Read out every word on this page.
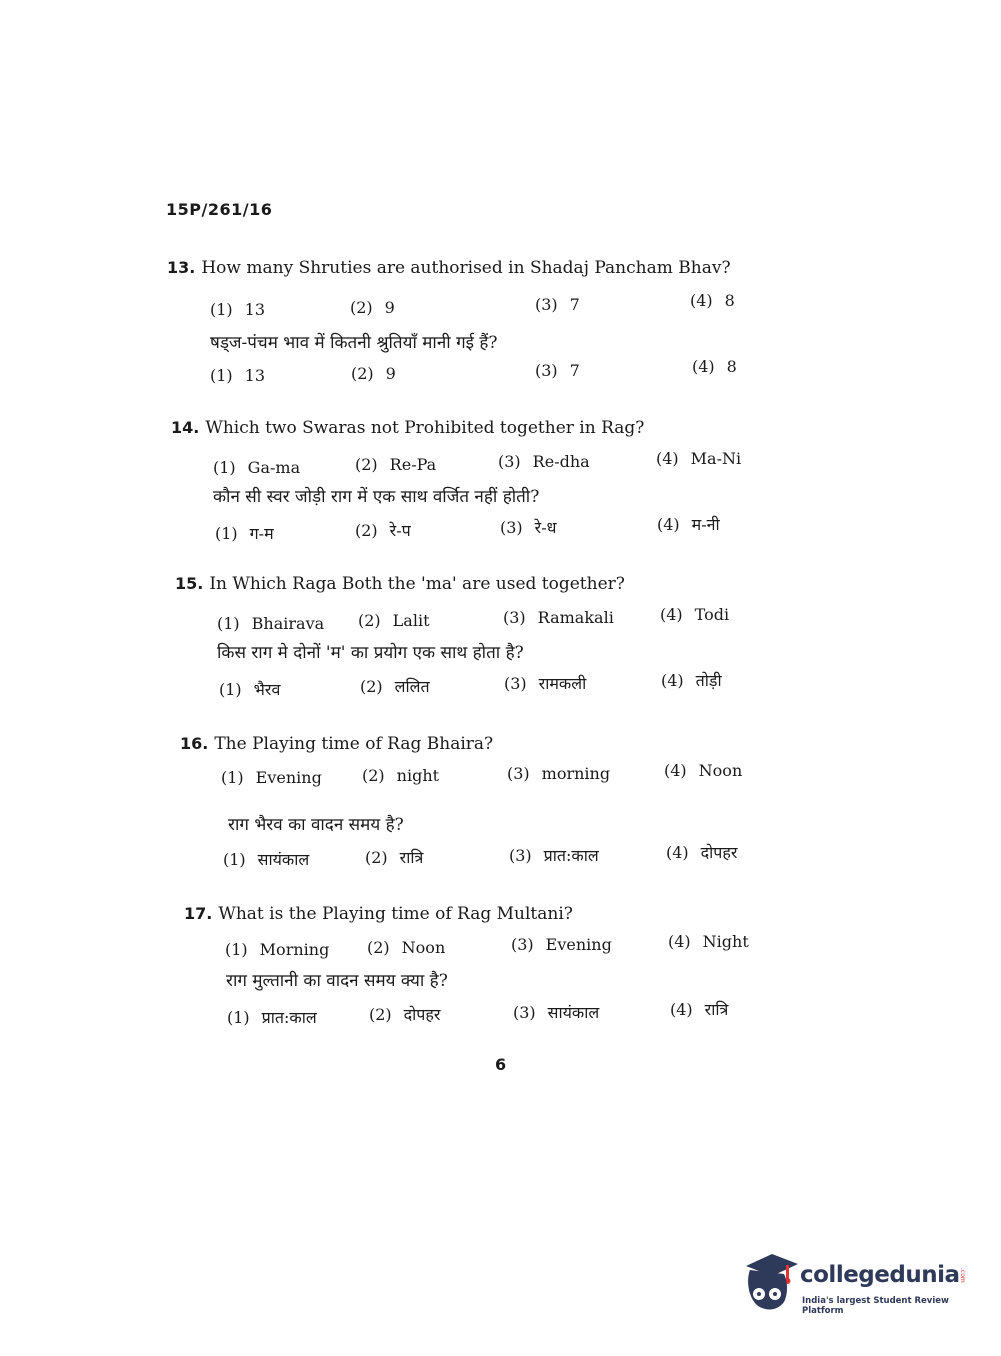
15P/261/16
13. How many Shruties are authorised in Shadaj Pancham Bhav?
(1) 13	(2) 9	(3) 7	(4) 8
षड्ज-पंचम भाव में कितनी श्रुतियाँ मानी गई हैं?
(1) 13	(2) 9	(3) 7	(4) 8
14. Which two Swaras not Prohibited together in Rag?
(1) Ga-ma	(2) Re-Pa	(3) Re-dha	(4) Ma-Ni
कौन सी स्वर जोड़ी राग में एक साथ वर्जित नहीं होती?
(1) ग-म	(2) रे-प	(3) रे-ध	(4) म-नी
15. In Which Raga Both the 'ma' are used together?
(1) Bhairava (2) Lalit	(3) Ramakali	(4) Todi
किस राग मे दोनों 'म' का प्रयोग एक साथ होता है?
(1) भैरव	(2) ललित	(3) रामकली	(4) तोड़ी
16. The Playing time of Rag Bhaira?
(1) Evening	(2) night	(3) morning	(4) Noon
राग भैरव का वादन समय है?
(1) सायंकाल	(2) रात्रि	(3) प्रात:काल	(4) दोपहर
17. What is the Playing time of Rag Multani?
(1) Morning (2) Noon	(3) Evening	(4) Night
राग मुल्तानी का वादन समय क्या है?
(1) प्रात:काल	(2) दोपहर	(3) सायंकाल	(4) रात्रि
6
collegedunia .com
India's largest Student Review Platform
